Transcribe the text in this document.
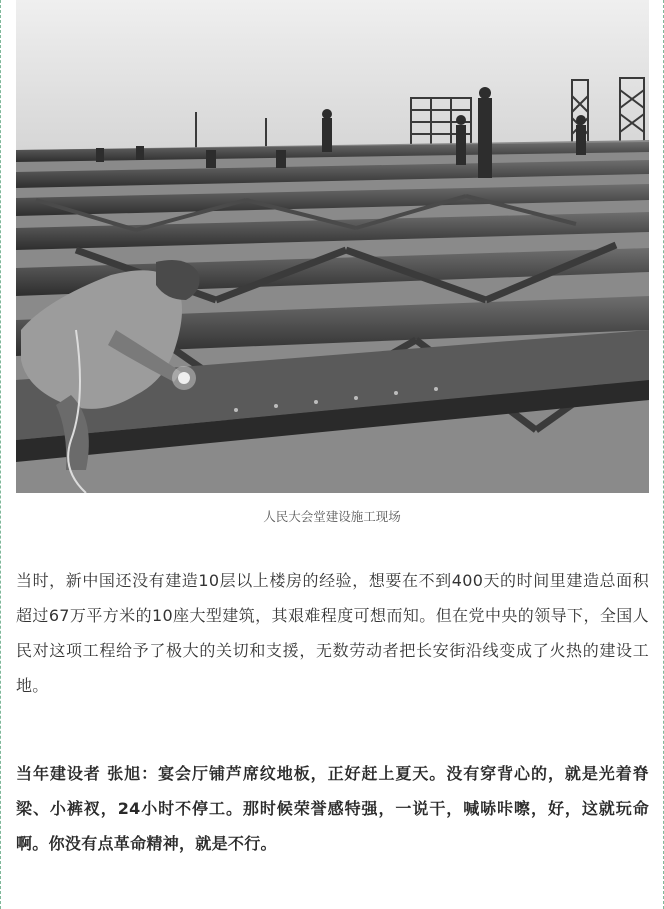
人民大会堂建设施工现场

当时，新中国还没有建造10层以上楼房的经验，想要在不到400天的时间里建造总面积超过67万平方米的10座大型建筑，其艰难程度可想而知。但在党中央的领导下，全国人民对这项工程给予了极大的关切和支援，无数劳动者把长安街沿线变成了火热的建设工地。

当年建设者 张旭：宴会厅铺芦席纹地板，正好赶上夏天。没有穿背心的，就是光着脊梁、小裤衩，24小时不停工。那时候荣誉感特强，一说干，喊哧咔嚓，好，这就玩命啊。你没有点革命精神，就是不行。
